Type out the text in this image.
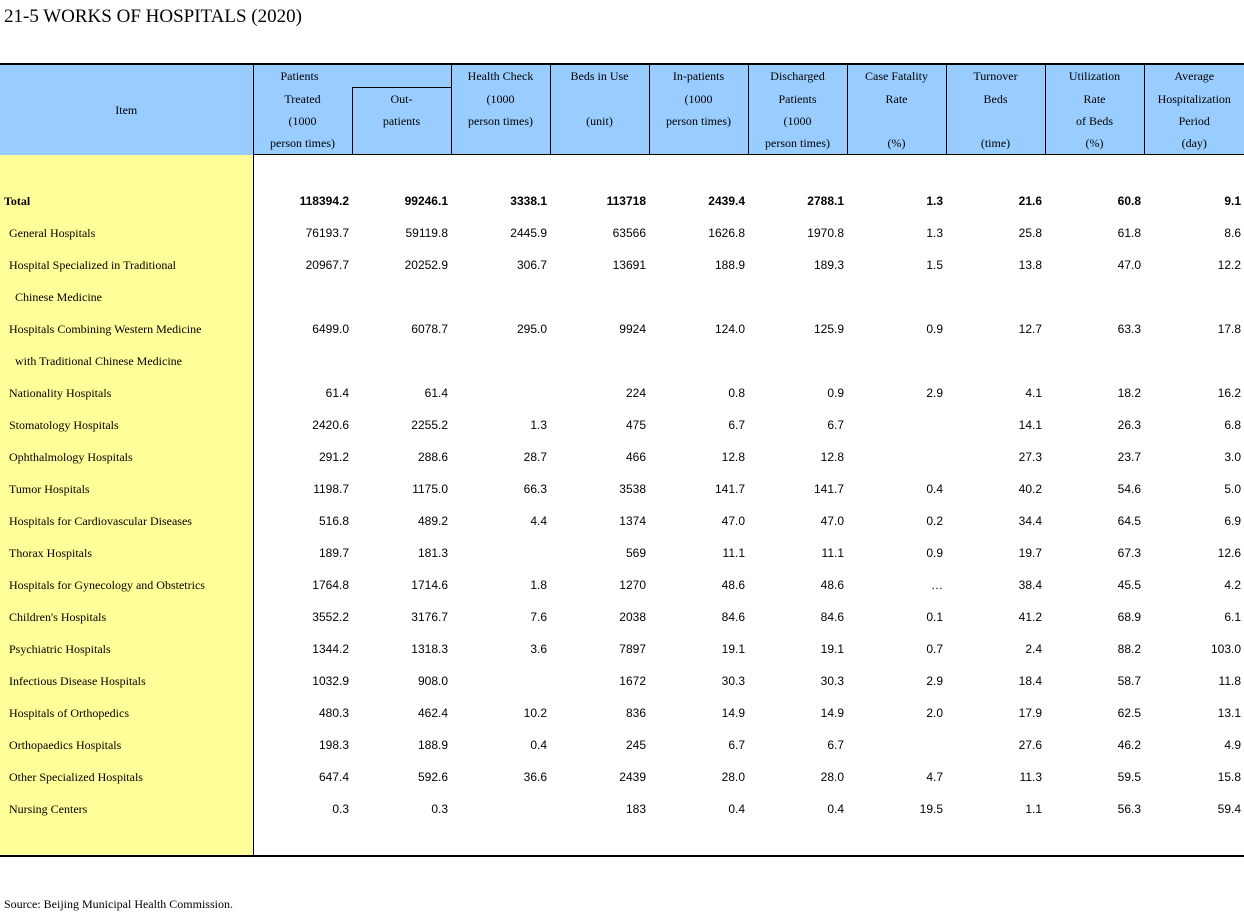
21-5 WORKS OF HOSPITALS (2020)
Item	Patients		Health Check	Beds in Use	In-patients	Discharged	Case Fatality	Turnover	Utilization	Average
	Treated	Out-	(1000		(1000	Patients	Rate	Beds	Rate	Hospitalization
	(1000	patients	person times)	(unit)	person times)	(1000			of Beds	Period
	person times)					person times)	(%)	(time)	(%)	(day)

Total	118394.2	99246.1	3338.1	113718	2439.4	2788.1	1.3	21.6	60.8	9.1
General Hospitals	76193.7	59119.8	2445.9	63566	1626.8	1970.8	1.3	25.8	61.8	8.6
Hospital Specialized in Traditional	20967.7	20252.9	306.7	13691	188.9	189.3	1.5	13.8	47.0	12.2
Chinese Medicine										
Hospitals Combining Western Medicine	6499.0	6078.7	295.0	9924	124.0	125.9	0.9	12.7	63.3	17.8
with Traditional Chinese Medicine										
Nationality Hospitals	61.4	61.4		224	0.8	0.9	2.9	4.1	18.2	16.2
Stomatology Hospitals	2420.6	2255.2	1.3	475	6.7	6.7		14.1	26.3	6.8
Ophthalmology Hospitals	291.2	288.6	28.7	466	12.8	12.8		27.3	23.7	3.0
Tumor Hospitals	1198.7	1175.0	66.3	3538	141.7	141.7	0.4	40.2	54.6	5.0
Hospitals for Cardiovascular Diseases	516.8	489.2	4.4	1374	47.0	47.0	0.2	34.4	64.5	6.9
Thorax Hospitals	189.7	181.3		569	11.1	11.1	0.9	19.7	67.3	12.6
Hospitals for Gynecology and Obstetrics	1764.8	1714.6	1.8	1270	48.6	48.6	…	38.4	45.5	4.2
Children's Hospitals	3552.2	3176.7	7.6	2038	84.6	84.6	0.1	41.2	68.9	6.1
Psychiatric Hospitals	1344.2	1318.3	3.6	7897	19.1	19.1	0.7	2.4	88.2	103.0
Infectious Disease Hospitals	1032.9	908.0		1672	30.3	30.3	2.9	18.4	58.7	11.8
Hospitals of Orthopedics	480.3	462.4	10.2	836	14.9	14.9	2.0	17.9	62.5	13.1
Orthopaedics Hospitals	198.3	188.9	0.4	245	6.7	6.7		27.6	46.2	4.9
Other Specialized Hospitals	647.4	592.6	36.6	2439	28.0	28.0	4.7	11.3	59.5	15.8
Nursing Centers	0.3	0.3		183	0.4	0.4	19.5	1.1	56.3	59.4

Source: Beijing Municipal Health Commission.
